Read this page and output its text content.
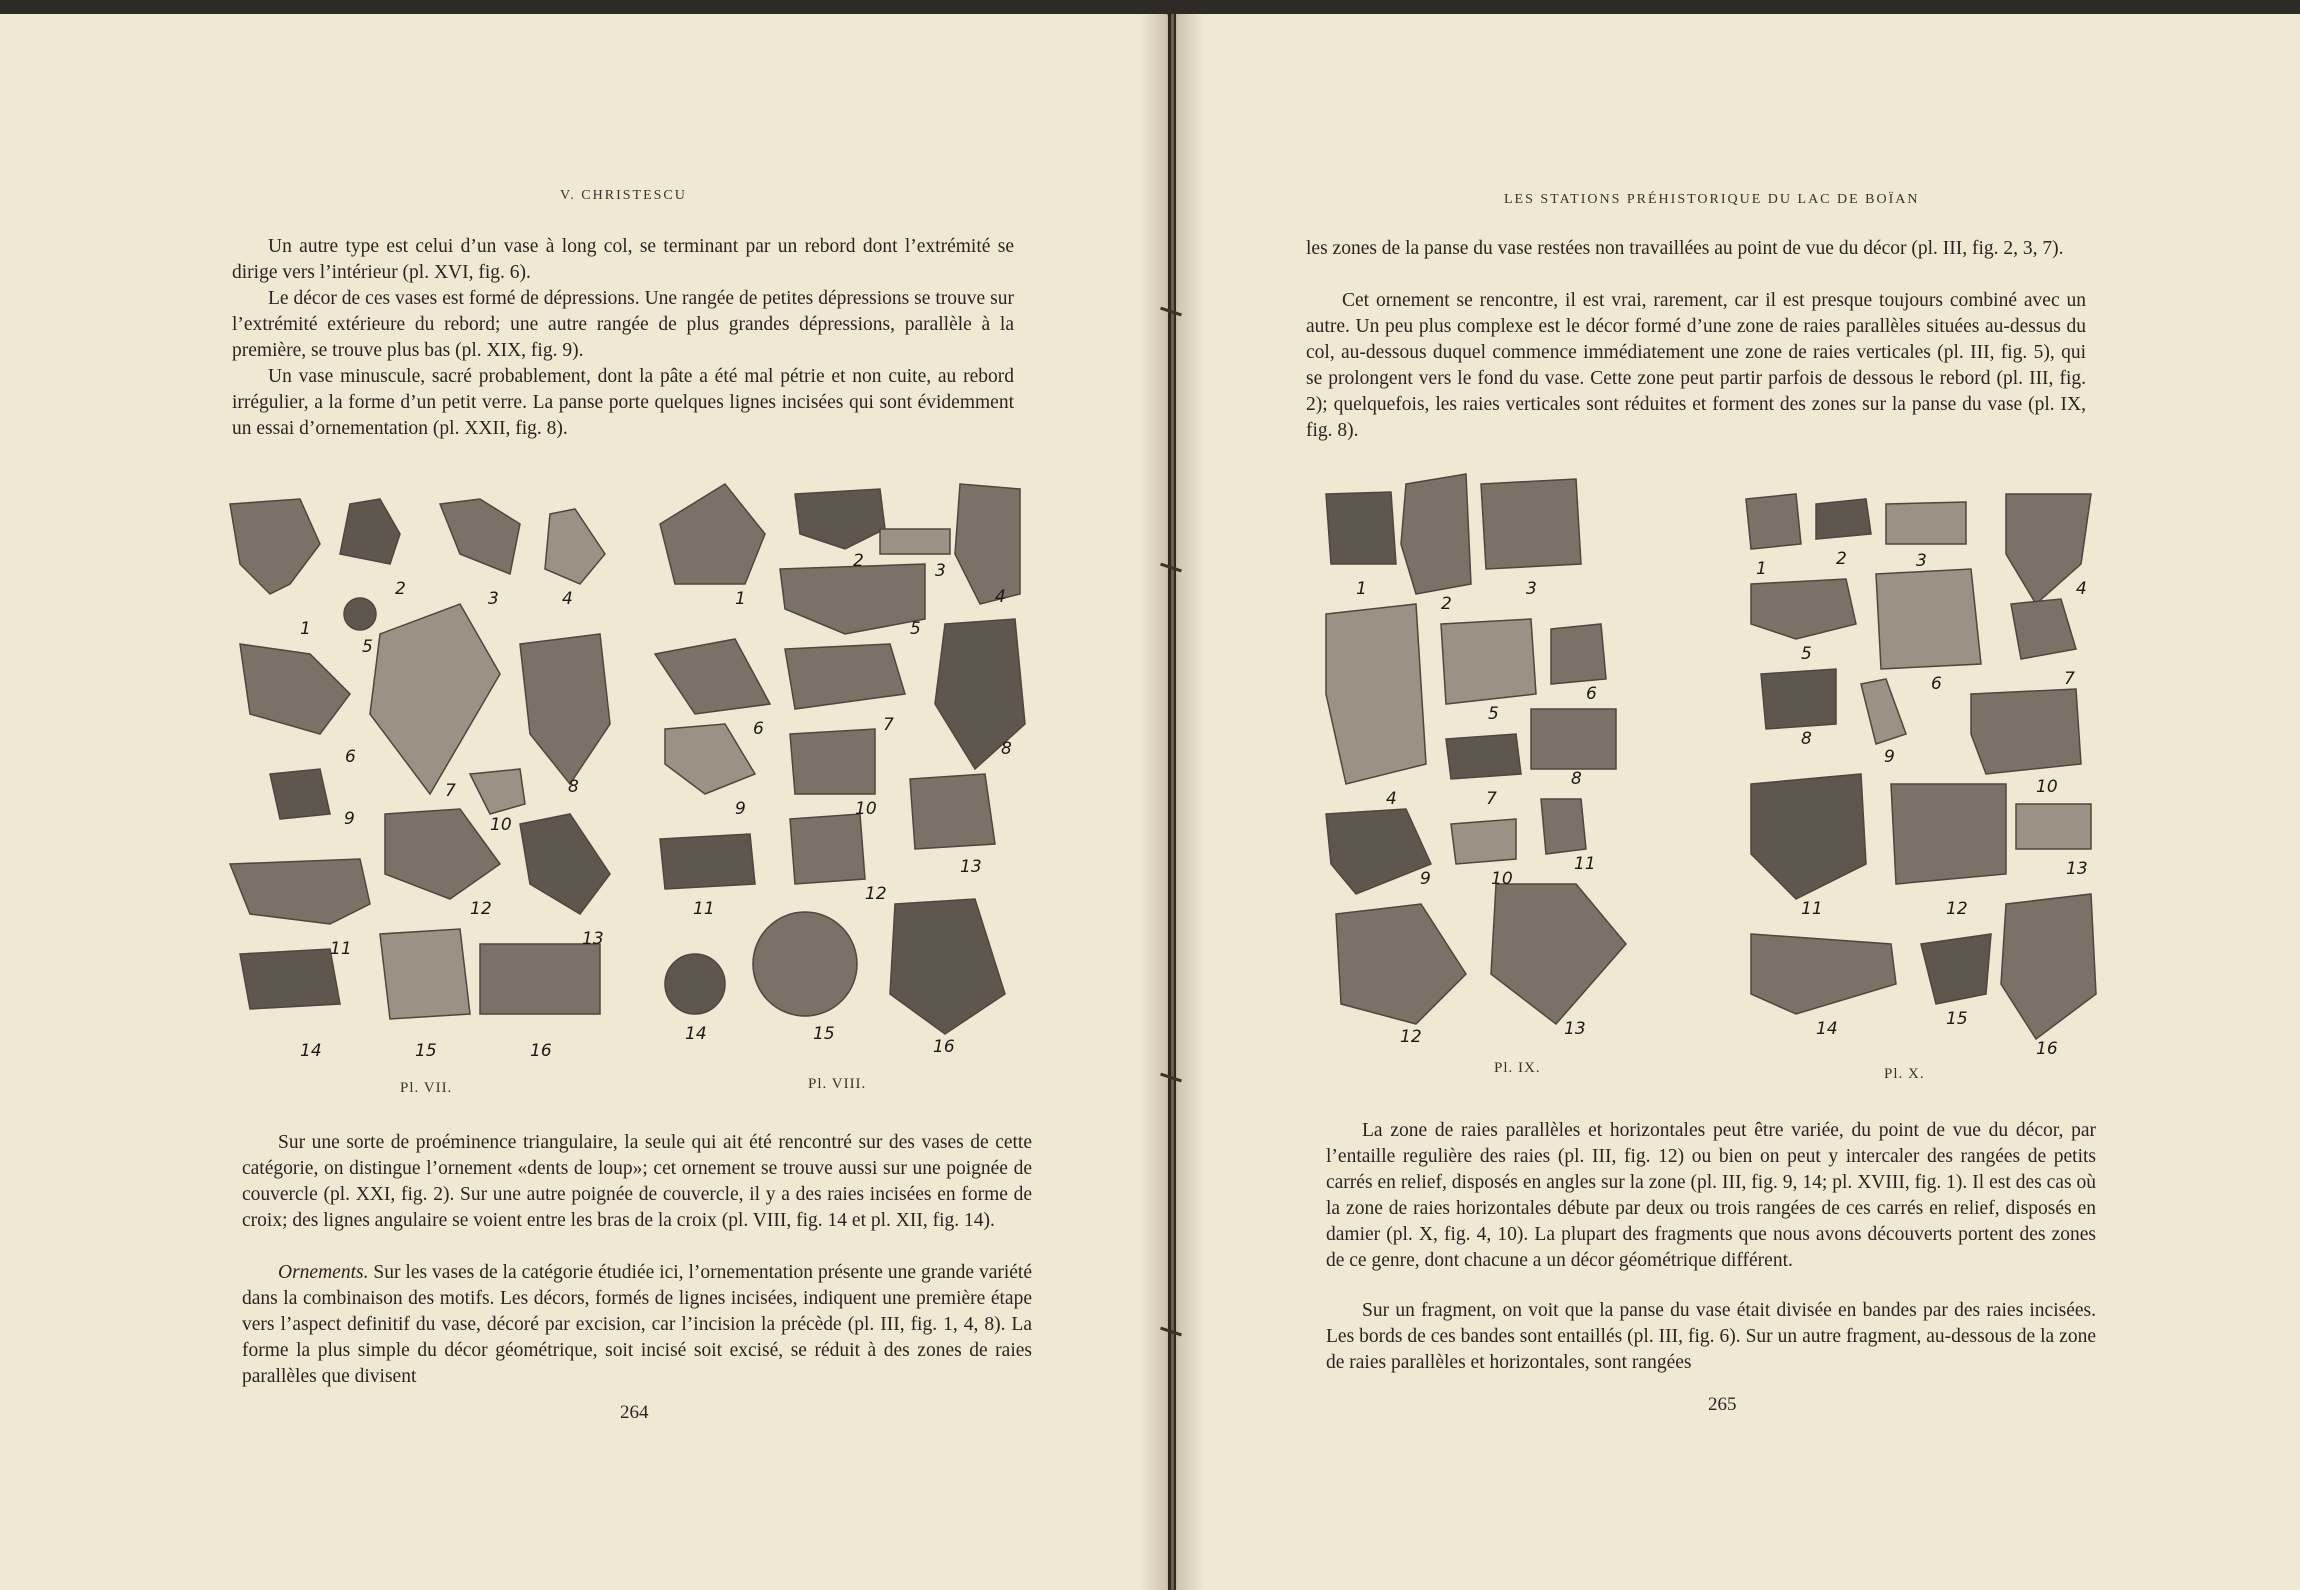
V. CHRISTESCU

Un autre type est celui d’un vase à long col, se terminant par un rebord dont l’extrémité se dirige vers l’intérieur (pl. XVI, fig. 6).

Le décor de ces vases est formé de dépressions. Une rangée de petites dépressions se trouve sur l’extrémité extérieure du rebord; une autre rangée de plus grandes dépressions, parallèle à la première, se trouve plus bas (pl. XIX, fig. 9).

Un vase minuscule, sacré probablement, dont la pâte a été mal pétrie et non cuite, au rebord irrégulier, a la forme d’un petit verre. La panse porte quelques lignes incisées qui sont évidemment un essai d’ornementation (pl. XXII, fig. 8).

1
2	3	4
5
6
7	8
9	10
11
12
13
14	15	16
1
2	3
4
5
6	7
8
9	10
11
12
13
14	15
16
Pl. VII.	Pl. VIII.

Sur une sorte de proéminence triangulaire, la seule qui ait été rencontré sur des vases de cette catégorie, on distingue l’ornement «dents de loup»; cet ornement se trouve aussi sur une poignée de couvercle (pl. XXI, fig. 2). Sur une autre poignée de couvercle, il y a des raies incisées en forme de croix; des lignes angulaire se voient entre les bras de la croix (pl. VIII, fig. 14 et pl. XII, fig. 14).

Ornements. Sur les vases de la catégorie étudiée ici, l’ornementation présente une grande variété dans la combinaison des motifs. Les décors, formés de lignes incisées, indiquent une première étape vers l’aspect definitif du vase, décoré par excision, car l’incision la précède (pl. III, fig. 1, 4, 8). La forme la plus simple du décor géométrique, soit incisé soit excisé, se réduit à des zones de raies parallèles que divisent

264
LES STATIONS PRÉHISTORIQUE DU LAC DE BOÏAN

les zones de la panse du vase restées non travaillées au point de vue du décor (pl. III, fig. 2, 3, 7).

Cet ornement se rencontre, il est vrai, rarement, car il est presque toujours combiné avec un autre. Un peu plus complexe est le décor formé d’une zone de raies parallèles situées au-dessus du col, au-dessous duquel commence immédiatement une zone de raies verticales (pl. III, fig. 5), qui se prolongent vers le fond du vase. Cette zone peut partir parfois de dessous le rebord (pl. III, fig. 2); quelquefois, les raies verticales sont réduites et forment des zones sur la panse du vase (pl. IX, fig. 8).

1
2
3
4
5
6
7
8
9	10
11
12	13
1	2	3
4
5
6	7
8
9
10
11	12
13
14	15
16
Pl. IX.	Pl. X.

La zone de raies parallèles et horizontales peut être variée, du point de vue du décor, par l’entaille regulière des raies (pl. III, fig. 12) ou bien on peut y intercaler des rangées de petits carrés en relief, disposés en angles sur la zone (pl. III, fig. 9, 14; pl. XVIII, fig. 1). Il est des cas où la zone de raies horizontales débute par deux ou trois rangées de ces carrés en relief, disposés en damier (pl. X, fig. 4, 10). La plupart des fragments que nous avons découverts portent des zones de ce genre, dont chacune a un décor géométrique différent.

Sur un fragment, on voit que la panse du vase était divisée en bandes par des raies incisées. Les bords de ces bandes sont entaillés (pl. III, fig. 6). Sur un autre fragment, au-dessous de la zone de raies parallèles et horizontales, sont rangées

265
